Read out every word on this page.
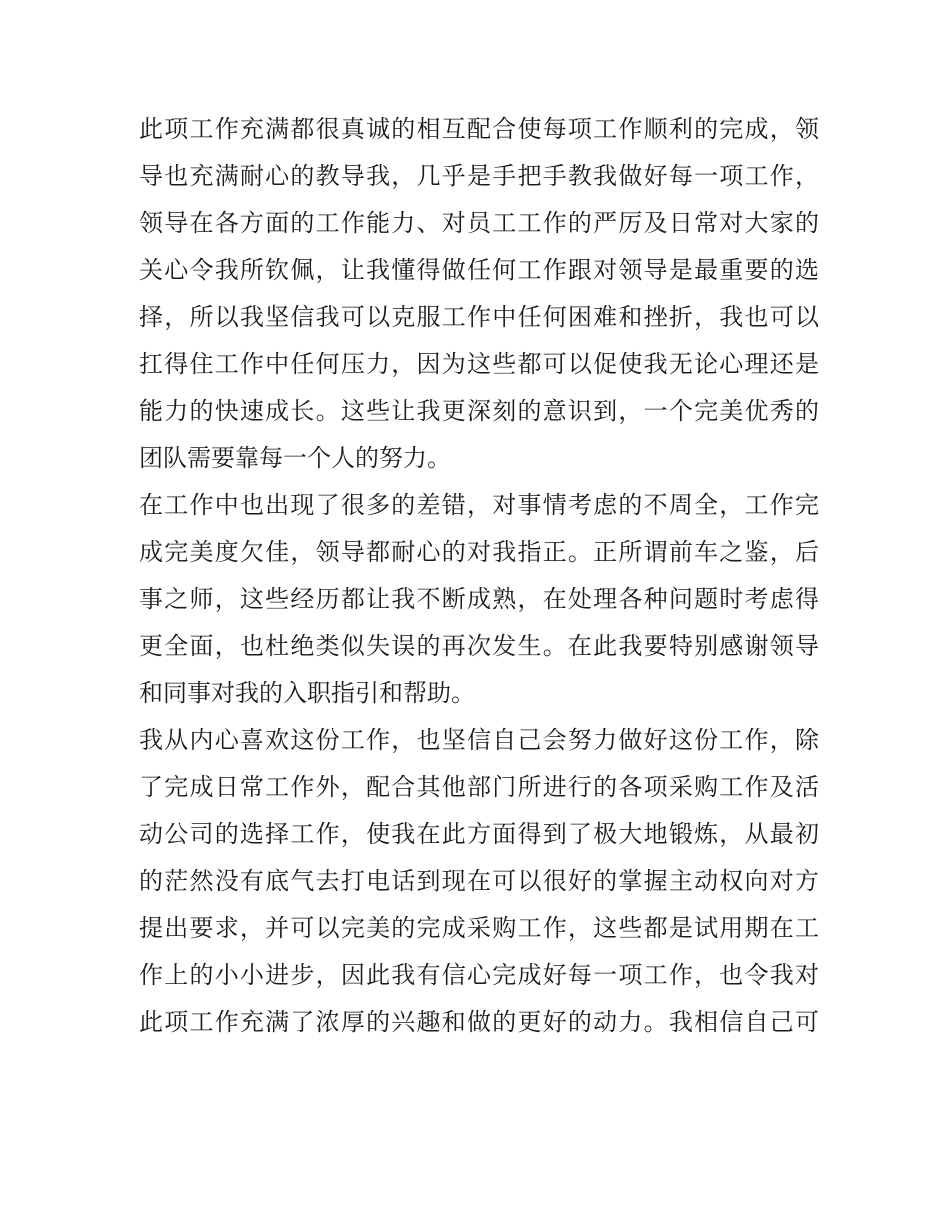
此项工作充满都很真诚的相互配合使每项工作顺利的完成，领
导也充满耐心的教导我，几乎是手把手教我做好每一项工作，
领导在各方面的工作能力、对员工工作的严厉及日常对大家的
关心令我所钦佩，让我懂得做任何工作跟对领导是最重要的选
择，所以我坚信我可以克服工作中任何困难和挫折，我也可以
扛得住工作中任何压力，因为这些都可以促使我无论心理还是
能力的快速成长。这些让我更深刻的意识到，一个完美优秀的
团队需要靠每一个人的努力。
在工作中也出现了很多的差错，对事情考虑的不周全，工作完
成完美度欠佳，领导都耐心的对我指正。正所谓前车之鉴，后
事之师，这些经历都让我不断成熟，在处理各种问题时考虑得
更全面，也杜绝类似失误的再次发生。在此我要特别感谢领导
和同事对我的入职指引和帮助。
我从内心喜欢这份工作，也坚信自己会努力做好这份工作，除
了完成日常工作外，配合其他部门所进行的各项采购工作及活
动公司的选择工作，使我在此方面得到了极大地锻炼，从最初
的茫然没有底气去打电话到现在可以很好的掌握主动权向对方
提出要求，并可以完美的完成采购工作，这些都是试用期在工
作上的小小进步，因此我有信心完成好每一项工作，也令我对
此项工作充满了浓厚的兴趣和做的更好的动力。我相信自己可
